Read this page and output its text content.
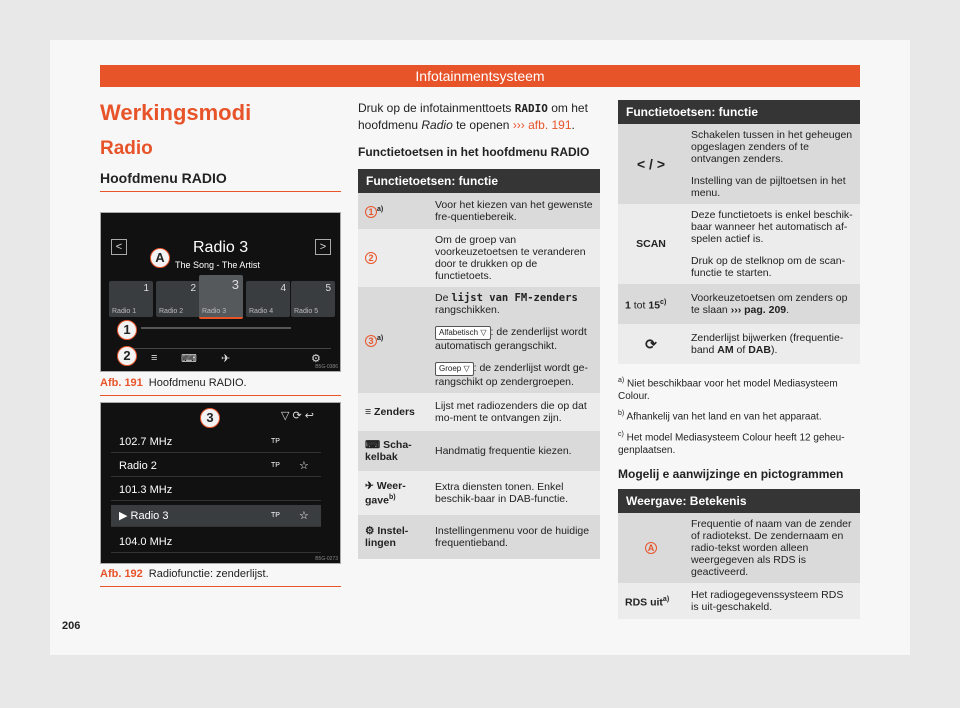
Infotainmentsysteem
Werkingsmodi
Radio
Hoofdmenu RADIO
<	>
Radio 3
The Song - The Artist
1
Radio 1
2
Radio 2
3
Radio 3
4
Radio 4
5
Radio 5
≡ ⌨ ✈	⚙
B5G-0386
A
1
2
Afb. 191 Hoofdmenu RADIO.
▽ ⟳ ↩
102.7 MHz	TP
Radio 2	TP ☆
101.3 MHz
▶ Radio 3	TP ☆
104.0 MHz
B5G-0273
3
Afb. 192 Radiofunctie: zenderlijst.

Druk op de infotainmenttoets RADIO om het hoofdmenu Radio te openen ››› afb. 191.

Functietoetsen in het hoofdmenu RADIO
Functietoetsen: functie	
1 $^{a)}$	Voor het kiezen van het gewenste fre-quentiebereik.
2	Om de groep van voorkeuzetoetsen te veranderen door te drukken op de functietoets.
3 $^{a)}$	De lijst van FM-zenders rangschikken.
	Alfabetisch ▽ : de zenderlijst wordt automatisch gerangschikt.
	Groep ▽ : de zenderlijst wordt ge-rangschikt op zendergroepen.
≡ Zenders	Lijst met radiozenders die op dat mo-ment te ontvangen zijn.
⌨ Scha-kelbak	Handmatig frequentie kiezen.
✈ Weer-gave$^{b)}$	Extra diensten tonen. Enkel beschik-baar in DAB-functie.
⚙ Instel-lingen	Instellingenmenu voor de huidige frequentieband.
Functietoetsen: functie	
< / >	Schakelen tussen in het geheugen opgeslagen zenders of te ontvangen zenders.
	Instelling van de pijltoetsen in het menu.
SCAN	Deze functietoets is enkel beschik-baar wanneer het automatisch af-spelen actief is.
	Druk op de stelknop om de scan-functie te starten.
1 tot 15$^{c)}$	Voorkeuzetoetsen om zenders op te slaan ››› pag. 209.
⟳	Zenderlijst bijwerken (frequentie-band AM of DAB).

$^{a)}$ Niet beschikbaar voor het model Mediasysteem Colour.

$^{b)}$ Afhankelij van het land en van het apparaat.

$^{c)}$ Het model Mediasysteem Colour heeft 12 geheu-genplaatsen.

Mogelij e aanwijzinge en pictogrammen
Weergave: Betekenis	
A	Frequentie of naam van de zender of radiotekst. De zendernaam en radio-tekst worden alleen weergegeven als RDS is geactiveerd.
RDS uit$^{a)}$	Het radiogegevenssysteem RDS is uit-geschakeld.
206
